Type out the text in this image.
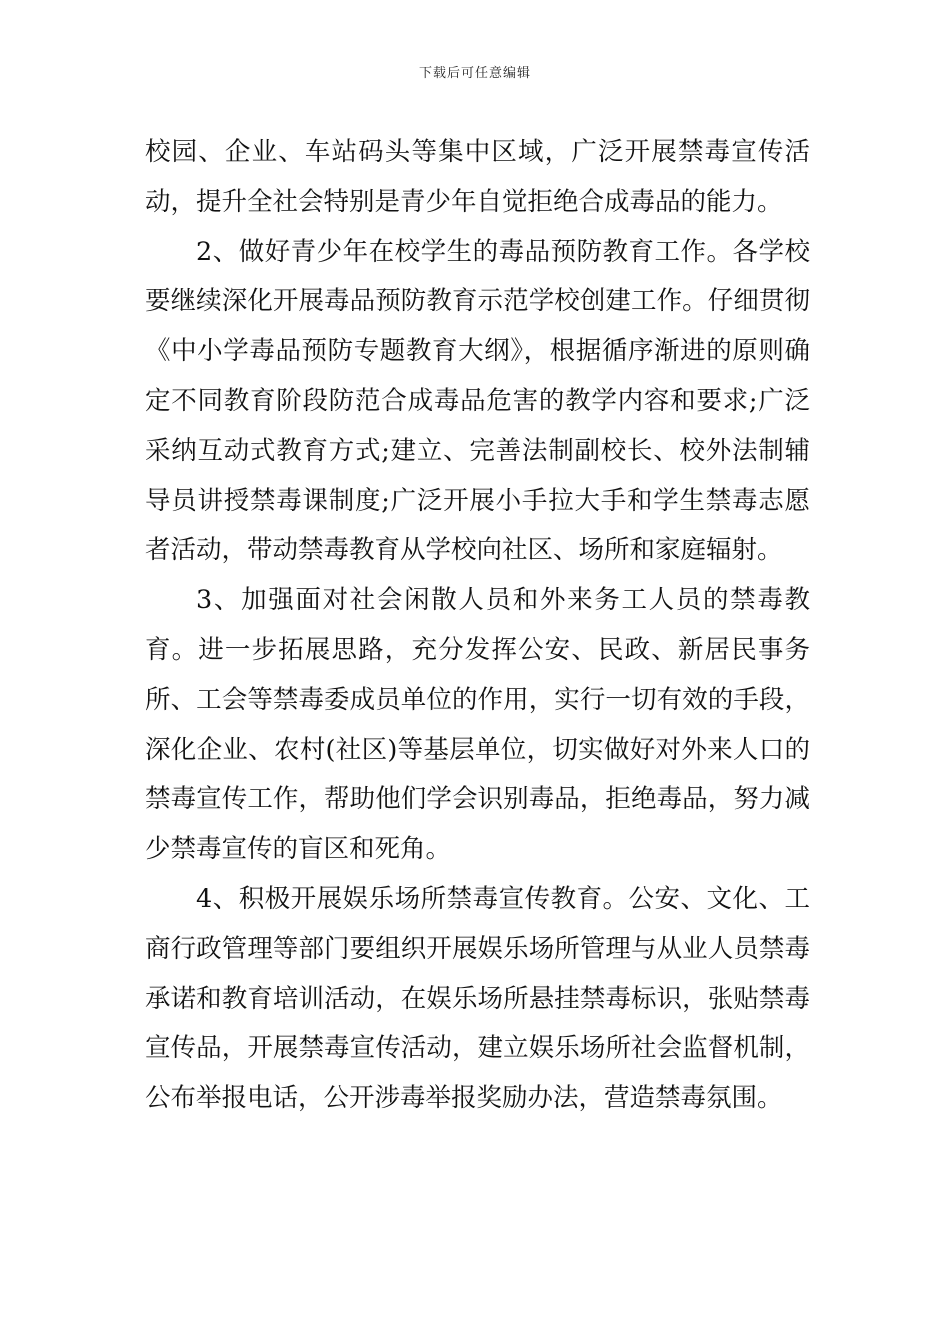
下载后可任意编辑

校园、企业、车站码头等集中区域，广泛开展禁毒宣传活动，提升全社会特别是青少年自觉拒绝合成毒品的能力。

2、做好青少年在校学生的毒品预防教育工作。各学校要继续深化开展毒品预防教育示范学校创建工作。仔细贯彻《中小学毒品预防专题教育大纲》，根据循序渐进的原则确定不同教育阶段防范合成毒品危害的教学内容和要求;广泛采纳互动式教育方式;建立、完善法制副校长、校外法制辅导员讲授禁毒课制度;广泛开展小手拉大手和学生禁毒志愿者活动，带动禁毒教育从学校向社区、场所和家庭辐射。

3、加强面对社会闲散人员和外来务工人员的禁毒教育。进一步拓展思路，充分发挥公安、民政、新居民事务所、工会等禁毒委成员单位的作用，实行一切有效的手段，深化企业、农村(社区)等基层单位，切实做好对外来人口的禁毒宣传工作，帮助他们学会识别毒品，拒绝毒品，努力减少禁毒宣传的盲区和死角。

4、积极开展娱乐场所禁毒宣传教育。公安、文化、工商行政管理等部门要组织开展娱乐场所管理与从业人员禁毒承诺和教育培训活动，在娱乐场所悬挂禁毒标识，张贴禁毒宣传品，开展禁毒宣传活动，建立娱乐场所社会监督机制，公布举报电话，公开涉毒举报奖励办法，营造禁毒氛围。
